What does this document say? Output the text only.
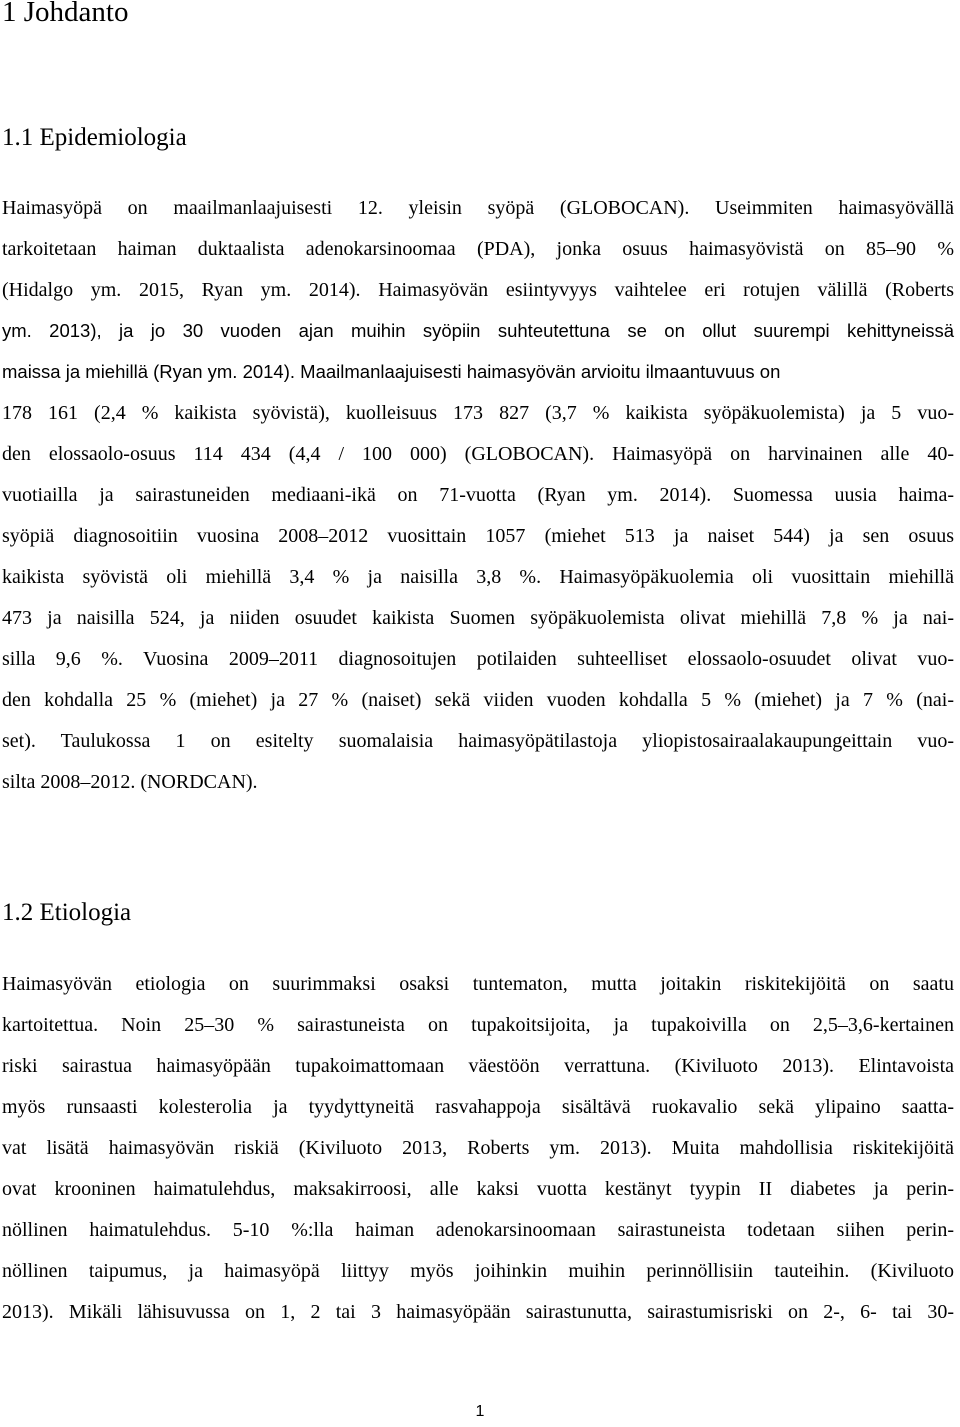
1 Johdanto
1.1 Epidemiologia

Haimasyöpä on maailmanlaajuisesti 12. yleisin syöpä (GLOBOCAN). Useimmiten haimasyövällä

tarkoitetaan haiman duktaalista adenokarsinoomaa (PDA), jonka osuus haimasyövistä on 85–90 %

(Hidalgo ym. 2015, Ryan ym. 2014). Haimasyövän esiintyvyys vaihtelee eri rotujen välillä (Roberts

ym. 2013), ja jo 30 vuoden ajan muihin syöpiin suhteutettuna se on ollut suurempi kehittyneissä

maissa ja miehillä (Ryan ym. 2014). Maailmanlaajuisesti haimasyövän arvioitu ilmaantuvuus on

178 161 (2,4 % kaikista syövistä), kuolleisuus 173 827 (3,7 % kaikista syöpäkuolemista) ja 5 vuo-

den elossaolo-osuus 114 434 (4,4 / 100 000) (GLOBOCAN). Haimasyöpä on harvinainen alle 40-

vuotiailla ja sairastuneiden mediaani-ikä on 71-vuotta (Ryan ym. 2014). Suomessa uusia haima-

syöpiä diagnosoitiin vuosina 2008–2012 vuosittain 1057 (miehet 513 ja naiset 544) ja sen osuus

kaikista syövistä oli miehillä 3,4 % ja naisilla 3,8 %. Haimasyöpäkuolemia oli vuosittain miehillä

473 ja naisilla 524, ja niiden osuudet kaikista Suomen syöpäkuolemista olivat miehillä 7,8 % ja nai-

silla 9,6 %. Vuosina 2009–2011 diagnosoitujen potilaiden suhteelliset elossaolo-osuudet olivat vuo-

den kohdalla 25 % (miehet) ja 27 % (naiset) sekä viiden vuoden kohdalla 5 % (miehet) ja 7 % (nai-

set). Taulukossa 1 on esitelty suomalaisia haimasyöpätilastoja yliopistosairaalakaupungeittain vuo-

silta 2008–2012. (NORDCAN).

1.2 Etiologia

Haimasyövän etiologia on suurimmaksi osaksi tuntematon, mutta joitakin riskitekijöitä on saatu

kartoitettua. Noin 25–30 % sairastuneista on tupakoitsijoita, ja tupakoivilla on 2,5–3,6-kertainen

riski sairastua haimasyöpään tupakoimattomaan väestöön verrattuna. (Kiviluoto 2013). Elintavoista

myös runsaasti kolesterolia ja tyydyttyneitä rasvahappoja sisältävä ruokavalio sekä ylipaino saatta-

vat lisätä haimasyövän riskiä (Kiviluoto 2013, Roberts ym. 2013). Muita mahdollisia riskitekijöitä

ovat krooninen haimatulehdus, maksakirroosi, alle kaksi vuotta kestänyt tyypin II diabetes ja perin-

nöllinen haimatulehdus. 5-10 %:lla haiman adenokarsinoomaan sairastuneista todetaan siihen perin-

nöllinen taipumus, ja haimasyöpä liittyy myös joihinkin muihin perinnöllisiin tauteihin. (Kiviluoto

2013). Mikäli lähisuvussa on 1, 2 tai 3 haimasyöpään sairastunutta, sairastumisriski on 2-, 6- tai 30-

1
